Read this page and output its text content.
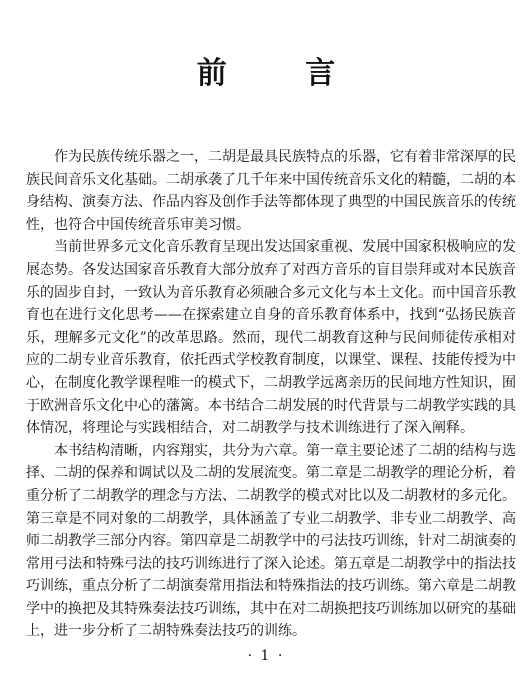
前 言

作为民族传统乐器之一，二胡是最具民族特点的乐器，它有着非常深厚的民族民间音乐文化基础。二胡承袭了几千年来中国传统音乐文化的精髓，二胡的本身结构、演奏方法、作品内容及创作手法等都体现了典型的中国民族音乐的传统性，也符合中国传统音乐审美习惯。

当前世界多元文化音乐教育呈现出发达国家重视、发展中国家积极响应的发展态势。各发达国家音乐教育大部分放弃了对西方音乐的盲目崇拜或对本民族音乐的固步自封，一致认为音乐教育必须融合多元文化与本土文化。而中国音乐教育也在进行文化思考——在探索建立自身的音乐教育体系中，找到“弘扬民族音乐，理解多元文化”的改革思路。然而，现代二胡教育这种与民间师徒传承相对应的二胡专业音乐教育，依托西式学校教育制度，以课堂、课程、技能传授为中心，在制度化教学课程唯一的模式下，二胡教学远离亲历的民间地方性知识，囿于欧洲音乐文化中心的藩篱。本书结合二胡发展的时代背景与二胡教学实践的具体情况，将理论与实践相结合，对二胡教学与技术训练进行了深入阐释。

本书结构清晰，内容翔实，共分为六章。第一章主要论述了二胡的结构与选择、二胡的保养和调试以及二胡的发展流变。第二章是二胡教学的理论分析，着重分析了二胡教学的理念与方法、二胡教学的模式对比以及二胡教材的多元化。第三章是不同对象的二胡教学，具体涵盖了专业二胡教学、非专业二胡教学、高师二胡教学三部分内容。第四章是二胡教学中的弓法技巧训练，针对二胡演奏的常用弓法和特殊弓法的技巧训练进行了深入论述。第五章是二胡教学中的指法技巧训练，重点分析了二胡演奏常用指法和特殊指法的技巧训练。第六章是二胡教学中的换把及其特殊奏法技巧训练，其中在对二胡换把技巧训练加以研究的基础上，进一步分析了二胡特殊奏法技巧的训练。

· 1 ·
